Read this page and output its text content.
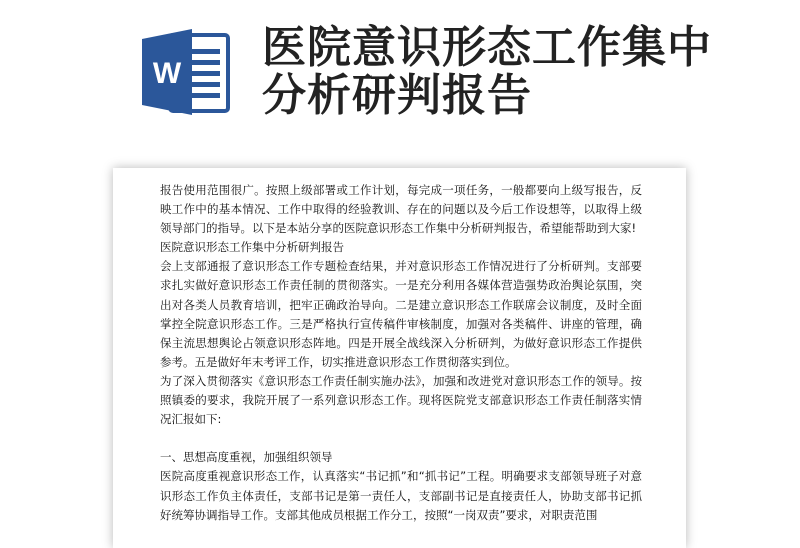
W
医院意识形态工作集中分析研判报告

报告使用范围很广。按照上级部署或工作计划，每完成一项任务，一般都要向上级写报告，反映工作中的基本情况、工作中取得的经验教训、存在的问题以及今后工作设想等，以取得上级领导部门的指导。以下是本站分享的医院意识形态工作集中分析研判报告，希望能帮助到大家!

医院意识形态工作集中分析研判报告

会上支部通报了意识形态工作专题检查结果，并对意识形态工作情况进行了分析研判。支部要求扎实做好意识形态工作责任制的贯彻落实。一是充分利用各媒体营造强势政治舆论氛围，突出对各类人员教育培训，把牢正确政治导向。二是建立意识形态工作联席会议制度，及时全面掌控全院意识形态工作。三是严格执行宣传稿件审核制度，加强对各类稿件、讲座的管理，确保主流思想舆论占领意识形态阵地。四是开展全战线深入分析研判，为做好意识形态工作提供参考。五是做好年末考评工作，切实推进意识形态工作贯彻落实到位。

为了深入贯彻落实《意识形态工作责任制实施办法》，加强和改进党对意识形态工作的领导。按照镇委的要求，我院开展了一系列意识形态工作。现将医院党支部意识形态工作责任制落实情况汇报如下:

一、思想高度重视，加强组织领导

医院高度重视意识形态工作，认真落实“书记抓”和“抓书记”工程。明确要求支部领导班子对意识形态工作负主体责任，支部书记是第一责任人，支部副书记是直接责任人，协助支部书记抓好统筹协调指导工作。支部其他成员根据工作分工，按照“一岗双责”要求，对职责范围
